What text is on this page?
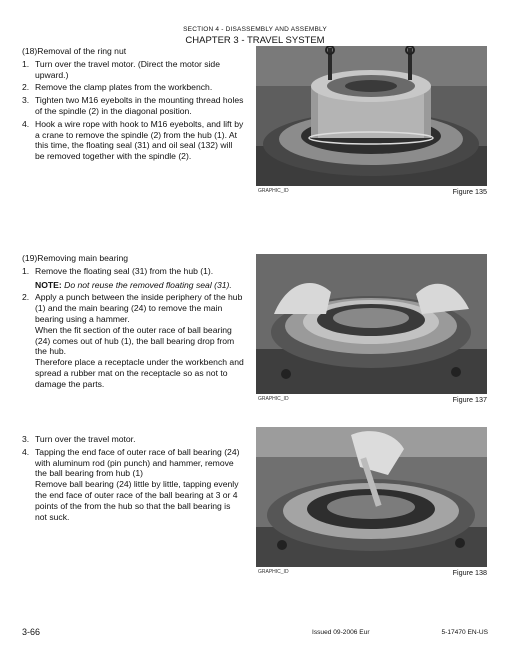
SECTION 4 - DISASSEMBLY AND ASSEMBLY
CHAPTER 3 - TRAVEL SYSTEM

(18)Removal of the ring nut

1. Turn over the travel motor. (Direct the motor side upward.)
2. Remove the clamp plates from the workbench.
3. Tighten two M16 eyebolts in the mounting thread holes of the spindle (2) in the diagonal position.
4. Hook a wire rope with hook to M16 eyebolts, and lift by a crane to remove the spindle (2) from the hub (1). At this time, the floating seal (31) and oil seal (132) will be removed together with the spindle (2).

(19)Removing main bearing

1. Remove the floating seal (31) from the hub (1).
NOTE: Do not reuse the removed floating seal (31).
2. Apply a punch between the inside periphery of the hub (1) and the main bearing (24) to remove the main bearing using a hammer.

When the fit section of the outer race of ball bearing (24) comes out of hub (1), the ball bearing drop from the hub.

Therefore place a receptacle under the workbench and spread a rubber mat on the receptacle so as not to damage the parts.

3. Turn over the travel motor.
4. Tapping the end face of outer race of ball bearing (24) with aluminum rod (pin punch) and hammer, remove the ball bearing from hub (1)

Remove ball bearing (24) little by little, tapping evenly the end face of outer race of the ball bearing at 3 or 4 points of the from the hub so that the ball bearing is not suck.

GRAPHIC_ID	Figure 135
GRAPHIC_ID	Figure 137
GRAPHIC_ID	Figure 138
3-66	Issued 09-2006 Eur	5-17470 EN-US
